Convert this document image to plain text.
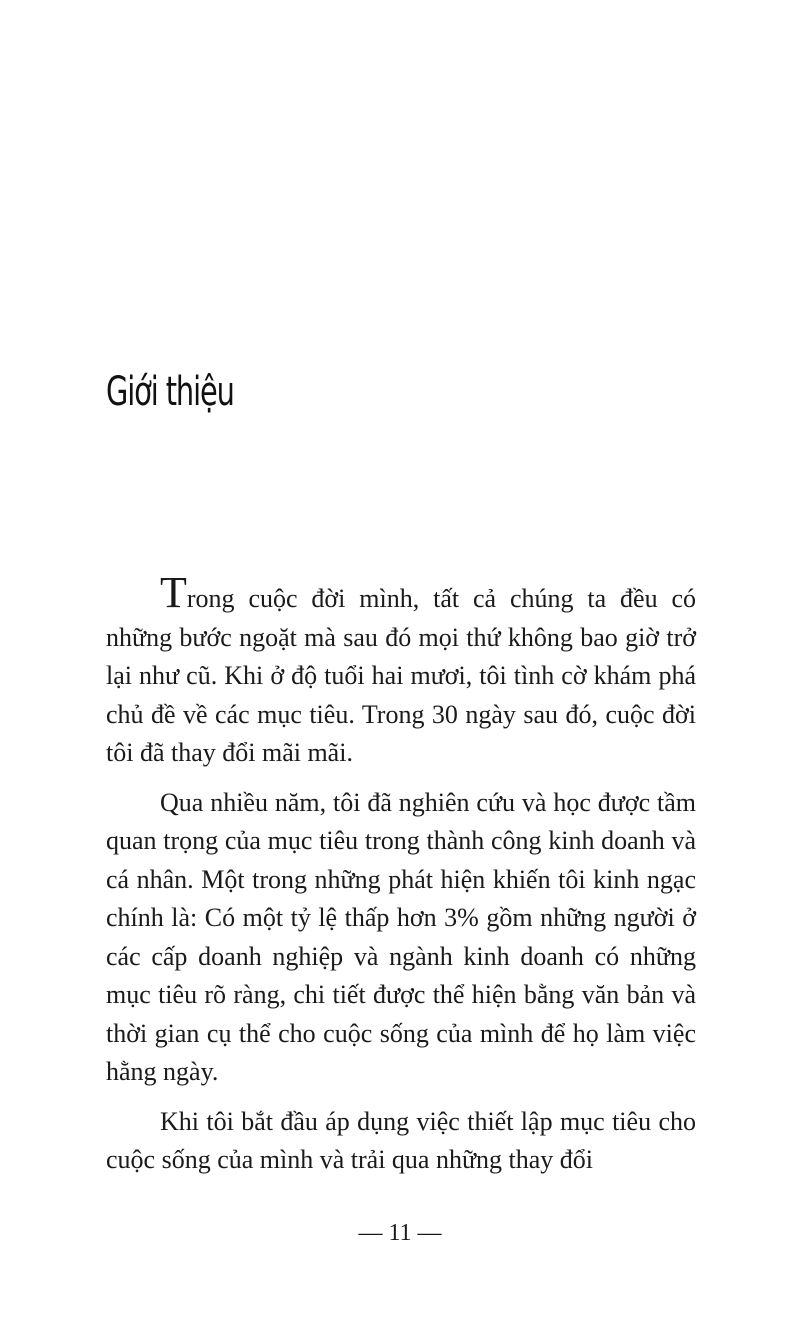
Giới thiệu

Trong cuộc đời mình, tất cả chúng ta đều có những bước ngoặt mà sau đó mọi thứ không bao giờ trở lại như cũ. Khi ở độ tuổi hai mươi, tôi tình cờ khám phá chủ đề về các mục tiêu. Trong 30 ngày sau đó, cuộc đời tôi đã thay đổi mãi mãi.

Qua nhiều năm, tôi đã nghiên cứu và học được tầm quan trọng của mục tiêu trong thành công kinh doanh và cá nhân. Một trong những phát hiện khiến tôi kinh ngạc chính là: Có một tỷ lệ thấp hơn 3% gồm những người ở các cấp doanh nghiệp và ngành kinh doanh có những mục tiêu rõ ràng, chi tiết được thể hiện bằng văn bản và thời gian cụ thể cho cuộc sống của mình để họ làm việc hằng ngày.

Khi tôi bắt đầu áp dụng việc thiết lập mục tiêu cho cuộc sống của mình và trải qua những thay đổi

— 11 —
